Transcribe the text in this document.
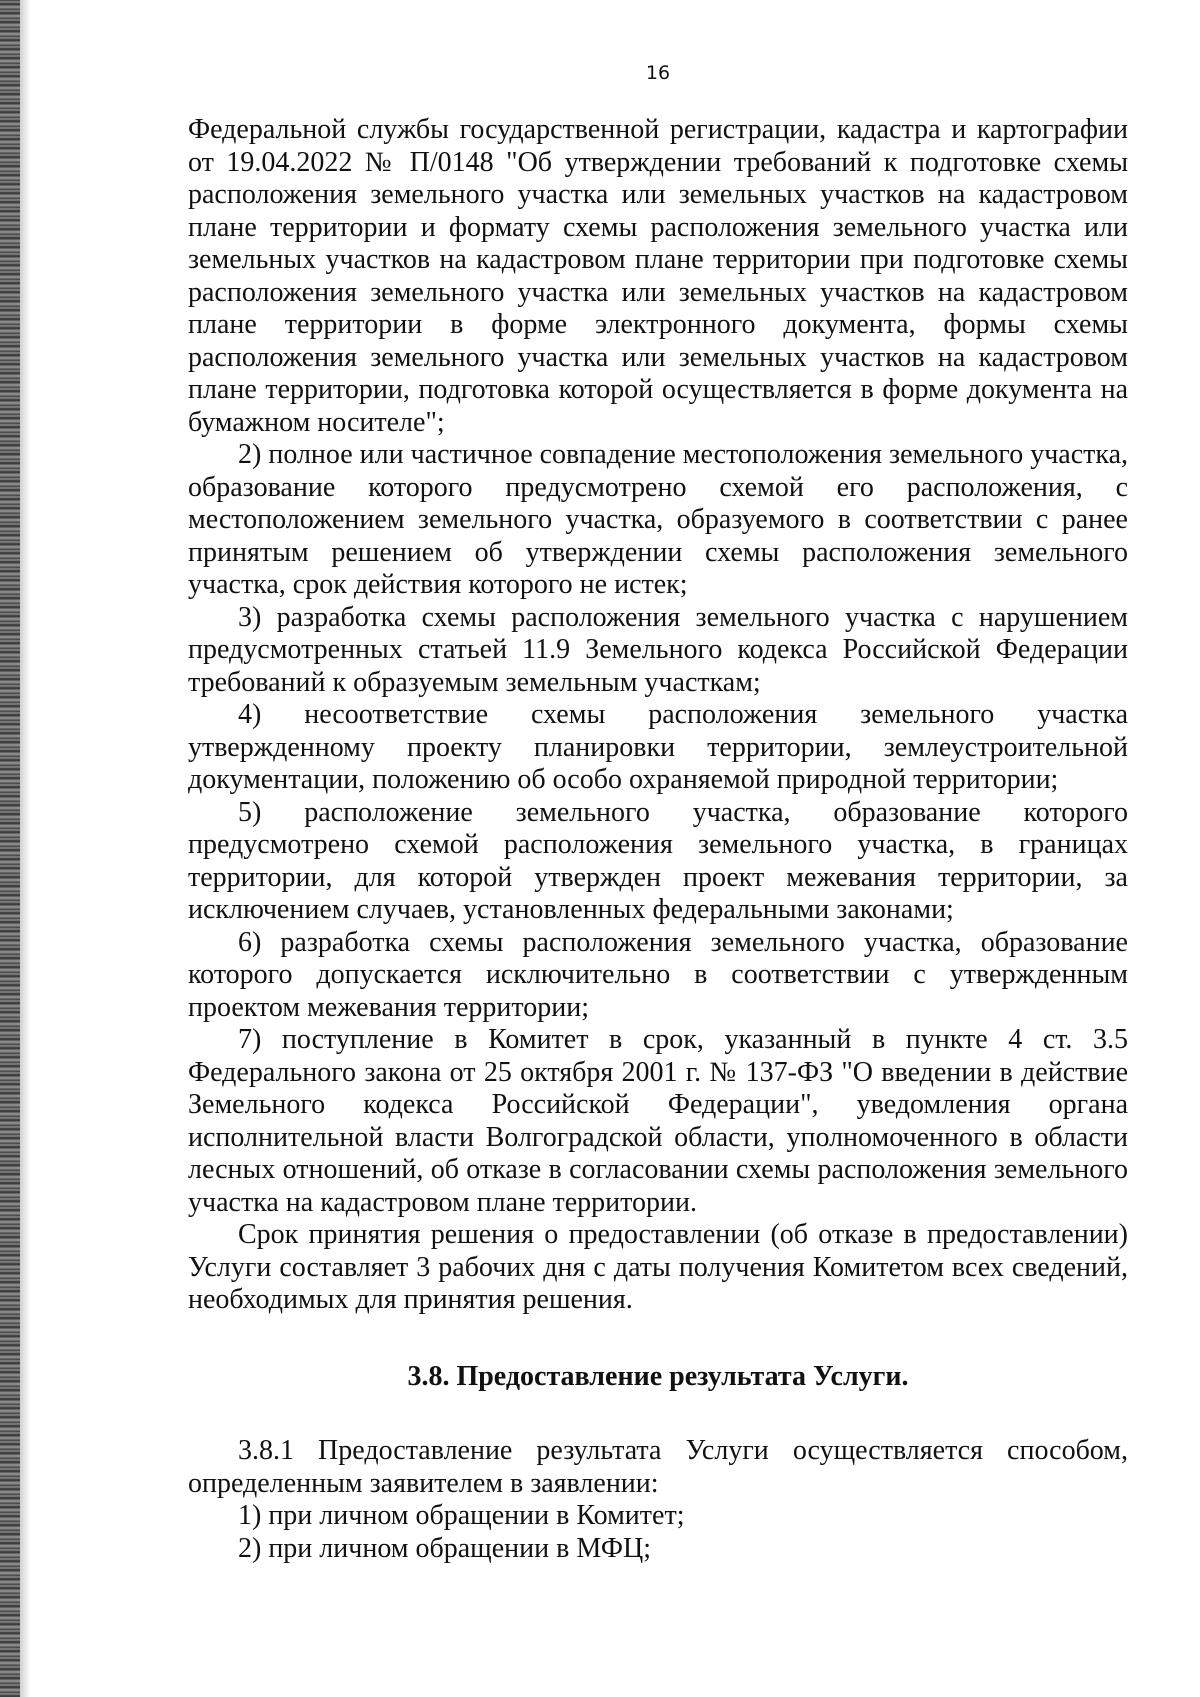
16

Федеральной службы государственной регистрации, кадастра и картографии от 19.04.2022 № П/0148 "Об утверждении требований к подготовке схемы расположения земельного участка или земельных участков на кадастровом плане территории и формату схемы расположения земельного участка или земельных участков на кадастровом плане территории при подготовке схемы расположения земельного участка или земельных участков на кадастровом плане территории в форме электронного документа, формы схемы расположения земельного участка или земельных участков на кадастровом плане территории, подготовка которой осуществляется в форме документа на бумажном носителе";

2) полное или частичное совпадение местоположения земельного участка, образование которого предусмотрено схемой его расположения, с местоположением земельного участка, образуемого в соответствии с ранее принятым решением об утверждении схемы расположения земельного участка, срок действия которого не истек;

3) разработка схемы расположения земельного участка с нарушением предусмотренных статьей 11.9 Земельного кодекса Российской Федерации требований к образуемым земельным участкам;

4) несоответствие схемы расположения земельного участка утвержденному проекту планировки территории, землеустроительной документации, положению об особо охраняемой природной территории;

5) расположение земельного участка, образование которого предусмотрено схемой расположения земельного участка, в границах территории, для которой утвержден проект межевания территории, за исключением случаев, установленных федеральными законами;

6) разработка схемы расположения земельного участка, образование которого допускается исключительно в соответствии с утвержденным проектом межевания территории;

7) поступление в Комитет в срок, указанный в пункте 4 ст. 3.5 Федерального закона от 25 октября 2001 г. № 137-ФЗ "О введении в действие Земельного кодекса Российской Федерации", уведомления органа исполнительной власти Волгоградской области, уполномоченного в области лесных отношений, об отказе в согласовании схемы расположения земельного участка на кадастровом плане территории.

Срок принятия решения о предоставлении (об отказе в предоставлении) Услуги составляет 3 рабочих дня с даты получения Комитетом всех сведений, необходимых для принятия решения.

3.8. Предоставление результата Услуги.

3.8.1 Предоставление результата Услуги осуществляется способом, определенным заявителем в заявлении:

1) при личном обращении в Комитет;

2) при личном обращении в МФЦ;
